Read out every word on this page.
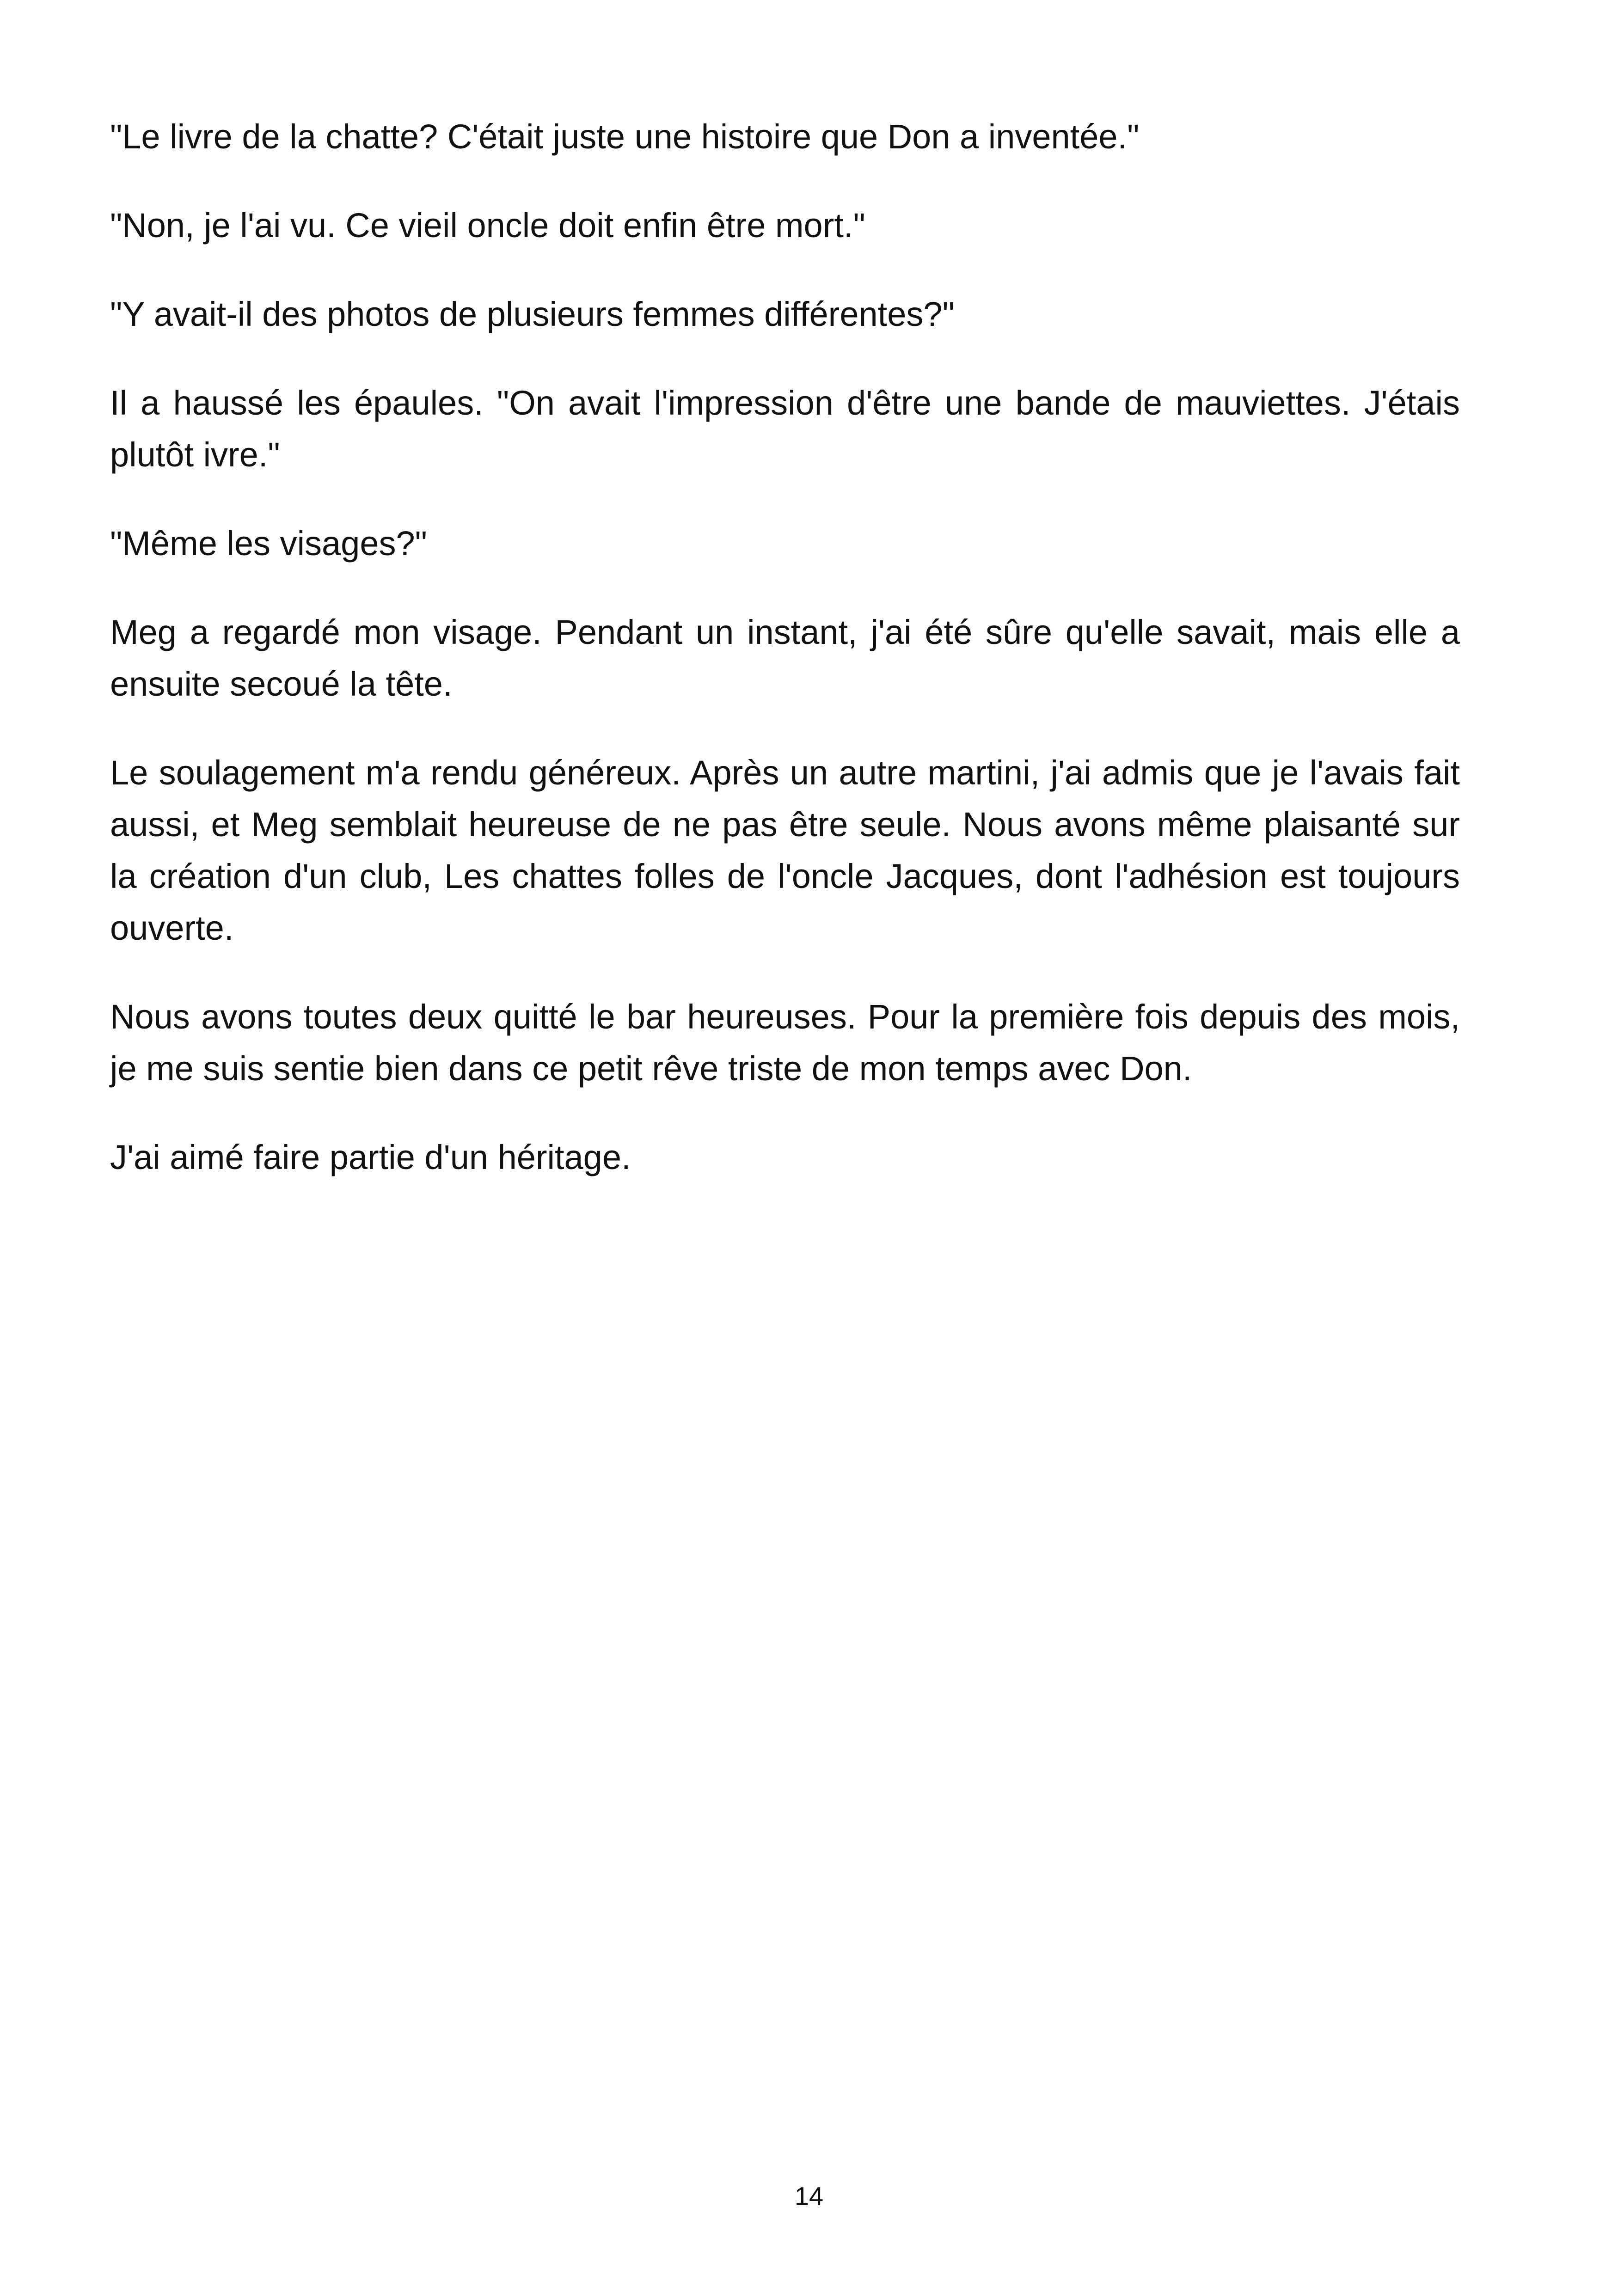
"Le livre de la chatte? C'était juste une histoire que Don a inventée."

"Non, je l'ai vu. Ce vieil oncle doit enfin être mort."

"Y avait-il des photos de plusieurs femmes différentes?"

Il a haussé les épaules. "On avait l'impression d'être une bande de mauviettes. J'étais plutôt ivre."

"Même les visages?"

Meg a regardé mon visage. Pendant un instant, j'ai été sûre qu'elle savait, mais elle a ensuite secoué la tête.

Le soulagement m'a rendu généreux. Après un autre martini, j'ai admis que je l'avais fait aussi, et Meg semblait heureuse de ne pas être seule. Nous avons même plaisanté sur la création d'un club, Les chattes folles de l'oncle Jacques, dont l'adhésion est toujours ouverte.

Nous avons toutes deux quitté le bar heureuses. Pour la première fois depuis des mois, je me suis sentie bien dans ce petit rêve triste de mon temps avec Don.

J'ai aimé faire partie d'un héritage.

14
